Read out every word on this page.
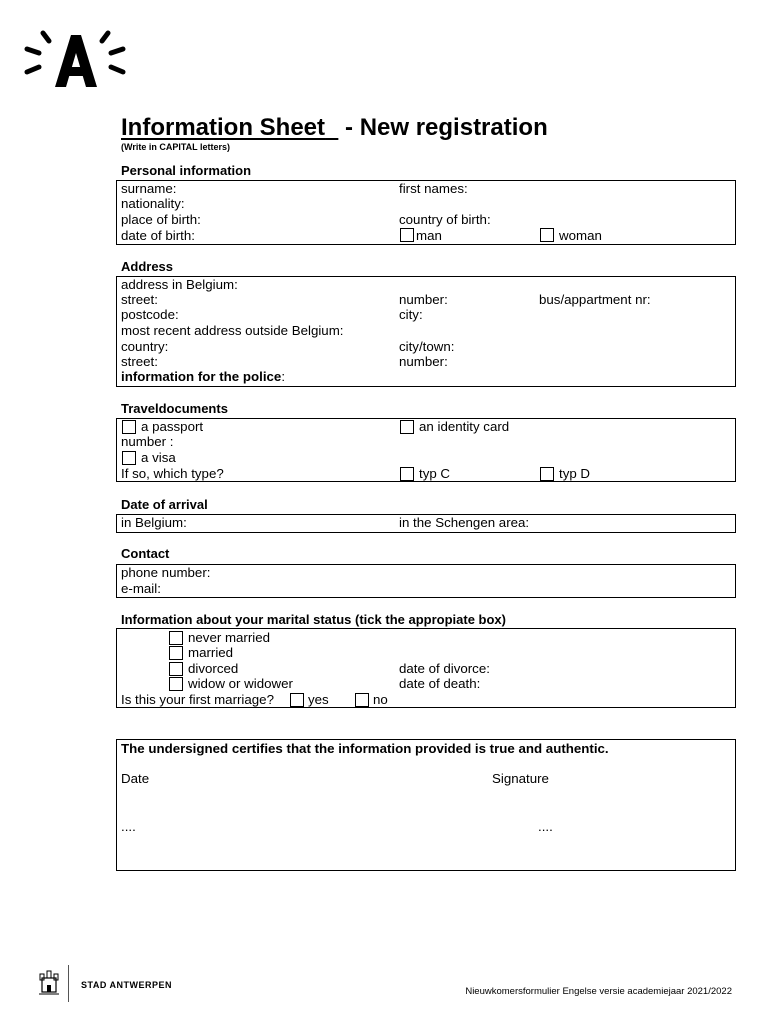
Information Sheet   - New registration
(Write in CAPITAL letters)
Personal information
surname:	first names:
nationality:
place of birth:	country of birth:
date of birth:	man	woman
Address
address in Belgium:
street:	number:	bus/appartment nr:
postcode:	city:
most recent address outside Belgium:
country:	city/town:
street:	number:
information for the police:
Traveldocuments
a passport	an identity card
number :
a visa
If so, which type?	typ C	typ D
Date of arrival
in Belgium:	in the Schengen area:
Contact
phone number:
e-mail:
Information about your marital status (tick the appropiate box)
never married
married
divorced	date of divorce:
widow or widower	date of death:
Is this your first marriage?	yes	no
The undersigned certifies that the information provided is true and authentic.
Date	Signature
....	....
STAD ANTWERPEN
Nieuwkomersformulier Engelse versie academiejaar 2021/2022
